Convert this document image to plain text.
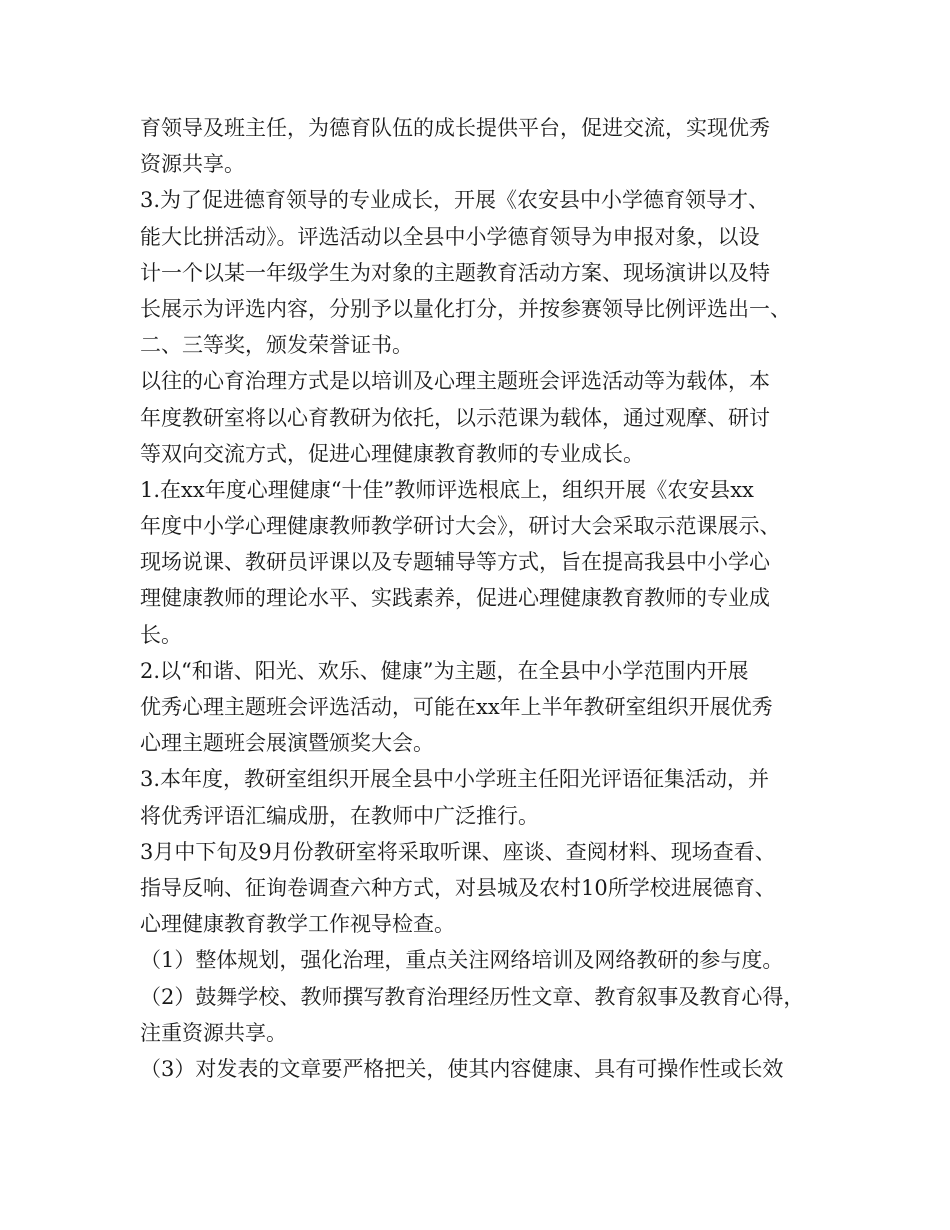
育领导及班主任，为德育队伍的成长提供平台，促进交流，实现优秀
资源共享。
3.为了促进德育领导的专业成长，开展《农安县中小学德育领导才、
能大比拼活动》。评选活动以全县中小学德育领导为申报对象，以设
计一个以某一年级学生为对象的主题教育活动方案、现场演讲以及特
长展示为评选内容，分别予以量化打分，并按参赛领导比例评选出一、
二、三等奖，颁发荣誉证书。
以往的心育治理方式是以培训及心理主题班会评选活动等为载体，本
年度教研室将以心育教研为依托，以示范课为载体，通过观摩、研讨
等双向交流方式，促进心理健康教育教师的专业成长。
1.在xx年度心理健康“十佳”教师评选根底上，组织开展《农安县xx
年度中小学心理健康教师教学研讨大会》，研讨大会采取示范课展示、
现场说课、教研员评课以及专题辅导等方式，旨在提高我县中小学心
理健康教师的理论水平、实践素养，促进心理健康教育教师的专业成
长。
2.以“和谐、阳光、欢乐、健康”为主题，在全县中小学范围内开展
优秀心理主题班会评选活动，可能在xx年上半年教研室组织开展优秀
心理主题班会展演暨颁奖大会。
3.本年度，教研室组织开展全县中小学班主任阳光评语征集活动，并
将优秀评语汇编成册，在教师中广泛推行。
3月中下旬及9月份教研室将采取听课、座谈、查阅材料、现场查看、
指导反响、征询卷调查六种方式，对县城及农村10所学校进展德育、
心理健康教育教学工作视导检查。
（1）整体规划，强化治理，重点关注网络培训及网络教研的参与度。
（2）鼓舞学校、教师撰写教育治理经历性文章、教育叙事及教育心得，
注重资源共享。
（3）对发表的文章要严格把关，使其内容健康、具有可操作性或长效
